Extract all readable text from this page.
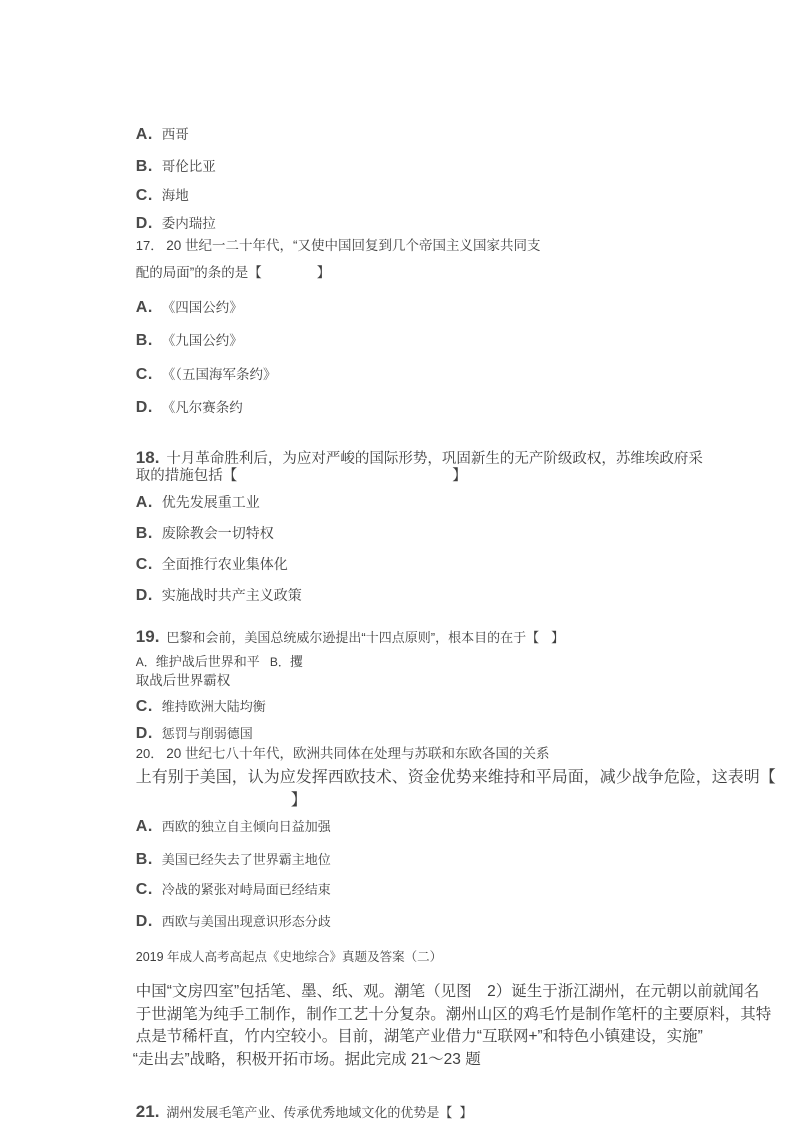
A. 西哥

B. 哥伦比亚

C. 海地

D. 委内瑞拉

17． 20 世纪一二十年代，“又使中国回复到几个帝国主义国家共同支

配的局面”的条的是【	】

A. 《四国公约》

B. 《九国公约》

C. 《（五国海军条约》

D. 《凡尔赛条约

18. 十月革命胜利后，为应对严峻的国际形势，巩固新生的无产阶级政权，苏维埃政府采

取的措施包括【	】

A. 优先发展重工业

B. 废除教会一切特权

C. 全面推行农业集体化

D. 实施战时共产主义政策

19. 巴黎和会前，美国总统威尔逊提出“十四点原则”，根本目的在于【 】

A．维护战后世界和平 B．攫

取战后世界霸权

C. 维持欧洲大陆均衡

D. 惩罚与削弱德国

20． 20 世纪七八十年代，欧洲共同体在处理与苏联和东欧各国的关系

上有别于美国，认为应发挥西欧技术、资金优势来维持和平局面，减少战争危险，这表明【

】

A. 西欧的独立自主倾向日益加强

B. 美国已经失去了世界霸主地位

C. 冷战的紧张对峙局面已经结束

D. 西欧与美国出现意识形态分歧

2019 年成人高考高起点《史地综合》真题及答案（二）

中国“文房四室”包括笔、墨、纸、观。潮笔（见图　2）诞生于浙江湖州，在元朝以前就闻名

于世湖笔为纯手工制作，制作工艺十分复杂。潮州山区的鸡毛竹是制作笔杆的主要原料，其特

点是节稀杆直，竹内空较小。目前，湖笔产业借力“互联网+”和特色小镇建设，实施”

“走出去”战略，积极开拓市场。据此完成 21～23 题

21. 湖州发展毛笔产业、传承优秀地域文化的优势是【 】
